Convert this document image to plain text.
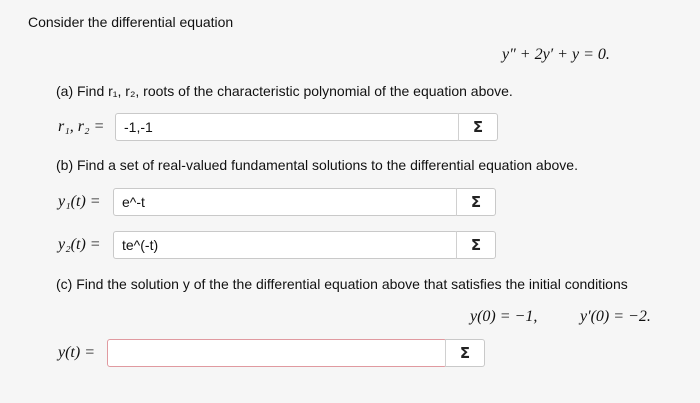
Consider the differential equation
y″ + 2y′ + y = 0.
(a) Find r₁, r₂, roots of the characteristic polynomial of the equation above.
r₁, r₂ =	-1,-1	Σ
(b) Find a set of real-valued fundamental solutions to the differential equation above.
y₁(t) =	e^-t	Σ
y₂(t) =	te^(-t)	Σ
(c) Find the solution y of the the differential equation above that satisfies the initial conditions
y(0) = −1,	y′(0) = −2.
y(t) =	Σ
